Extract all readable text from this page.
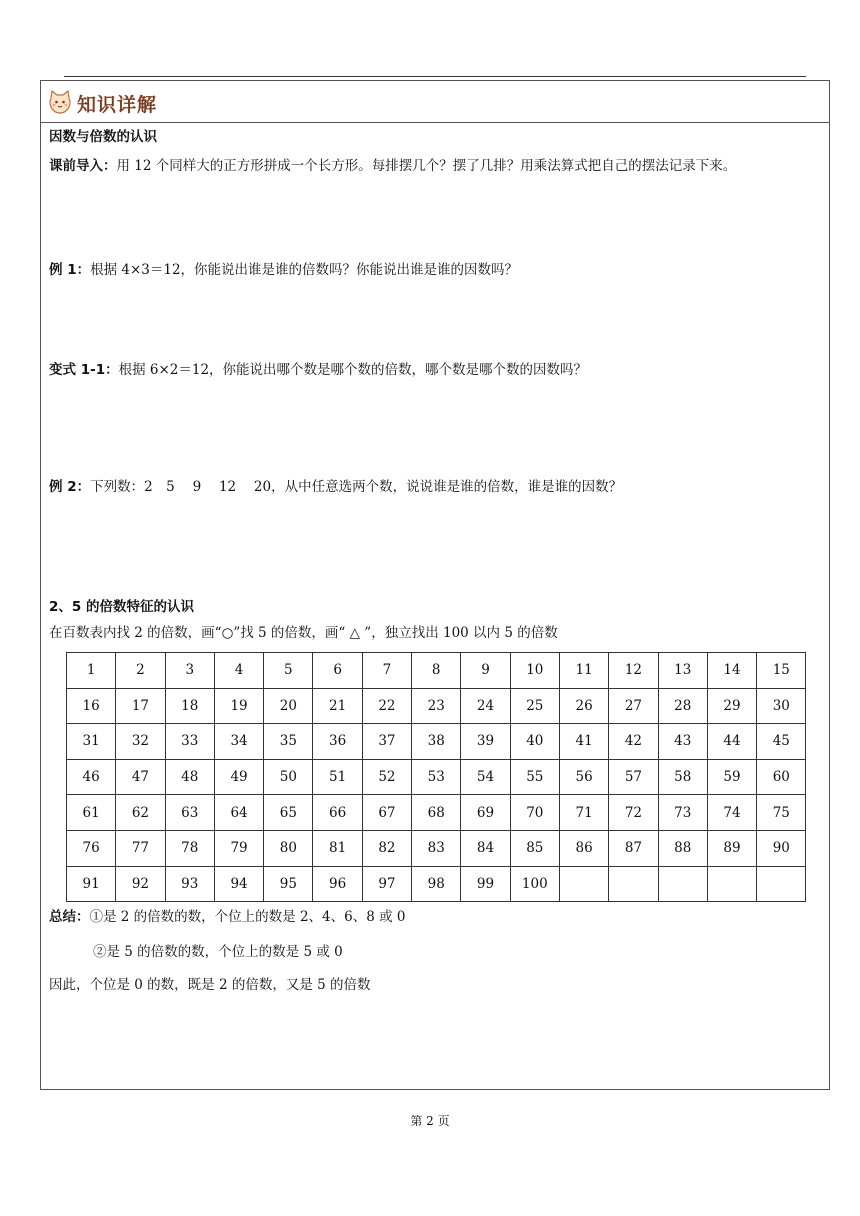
知识详解
因数与倍数的认识
课前导入：用 12 个同样大的正方形拼成一个长方形。每排摆几个？摆了几排？用乘法算式把自己的摆法记录下来。
例 1：根据 4×3＝12，你能说出谁是谁的倍数吗？你能说出谁是谁的因数吗？
变式 1-1：根据 6×2＝12，你能说出哪个数是哪个数的倍数，哪个数是哪个数的因数吗？
例 2：下列数：2　5　 9　 12　 20，从中任意选两个数，说说谁是谁的倍数，谁是谁的因数？
2、5 的倍数特征的认识
在百数表内找 2 的倍数，画“○”找 5 的倍数，画“ △ ”，独立找出 100 以内 5 的倍数
1	2	3	4	5	6	7	8	9	10	11	12	13	14	15
16	17	18	19	20	21	22	23	24	25	26	27	28	29	30
31	32	33	34	35	36	37	38	39	40	41	42	43	44	45
46	47	48	49	50	51	52	53	54	55	56	57	58	59	60
61	62	63	64	65	66	67	68	69	70	71	72	73	74	75
76	77	78	79	80	81	82	83	84	85	86	87	88	89	90
91	92	93	94	95	96	97	98	99	100					
总结：①是 2 的倍数的数，个位上的数是 2、4、6、8 或 0
②是 5 的倍数的数，个位上的数是 5 或 0
因此，个位是 0 的数，既是 2 的倍数，又是 5 的倍数
第 2 页
